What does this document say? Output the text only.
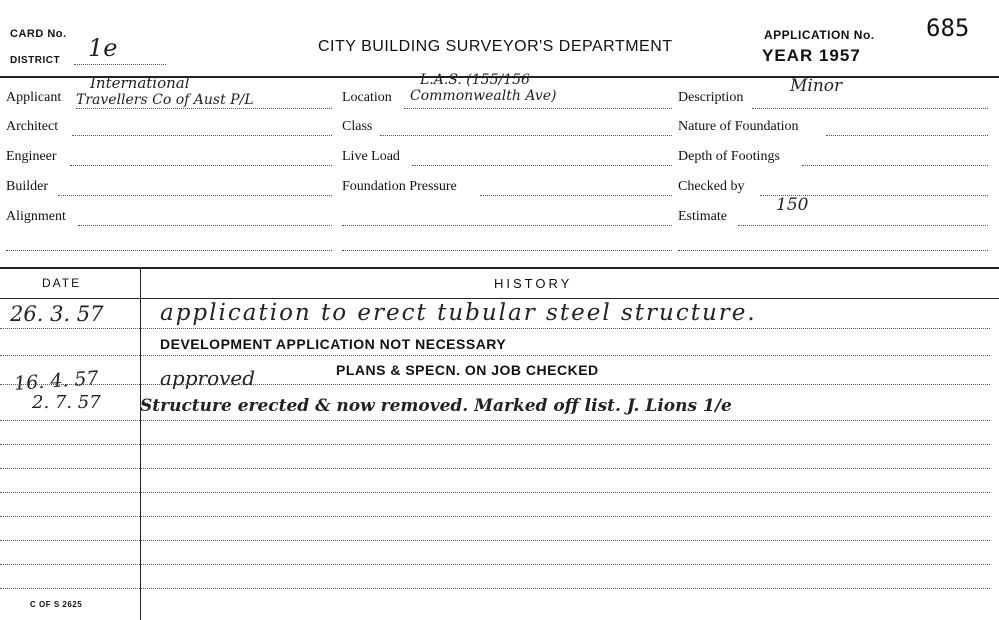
CARD No.
DISTRICT 1e	CITY BUILDING SURVEYOR'S DEPARTMENT
APPLICATION No.
YEAR 1957
685
Applicant
International
Travellers Co of Aust P/L
Architect
Engineer
Builder
Alignment
Location
L.A.S. (155/156
Commonwealth Ave)
Class
Live Load
Foundation Pressure
Description
Minor
Nature of Foundation
Depth of Footings
Checked by
Estimate
150
DATE	HISTORY
26. 3. 57 application to erect tubular steel structure.
DEVELOPMENT APPLICATION NOT NECESSARY
16. 4. 57	approved	PLANS & SPECN. ON JOB CHECKED
2. 7. 57 Structure erected & now removed. Marked off list. J. Lions 1/e
C OF S 2625
